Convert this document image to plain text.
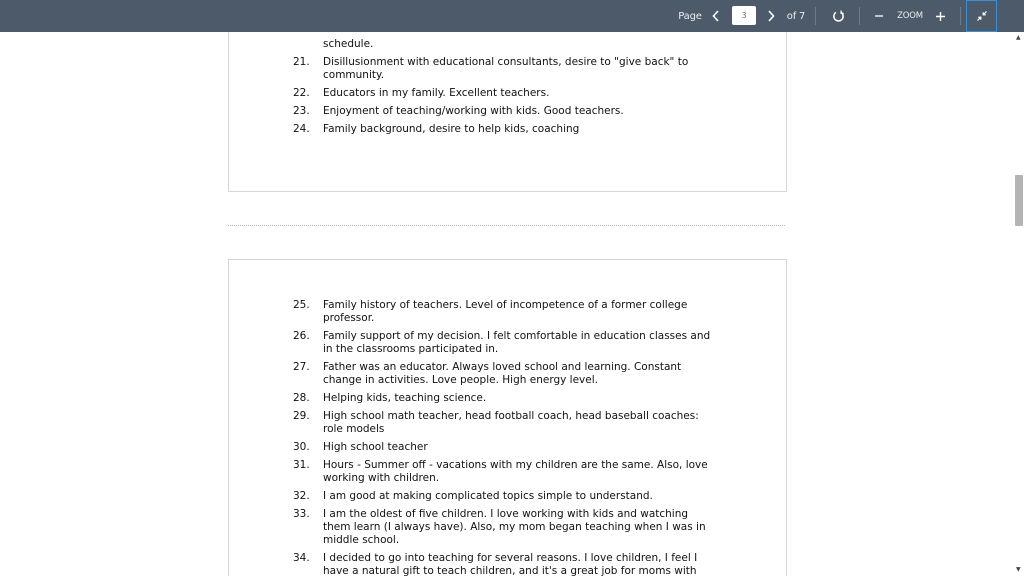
Page
3	of 7	ZOOM
schedule.
21.	Disillusionment with educational consultants, desire to "give back" to community.
22.	Educators in my family. Excellent teachers.
23.	Enjoyment of teaching/working with kids. Good teachers.
24.	Family background, desire to help kids, coaching
25.	Family history of teachers. Level of incompetence of a former college professor.
26.	Family support of my decision. I felt comfortable in education classes and in the classrooms participated in.
27.	Father was an educator. Always loved school and learning. Constant change in activities. Love people. High energy level.
28.	Helping kids, teaching science.
29.	High school math teacher, head football coach, head baseball coaches: role models
30.	High school teacher
31.	Hours - Summer off - vacations with my children are the same. Also, love working with children.
32.	I am good at making complicated topics simple to understand.
33.	I am the oldest of five children. I love working with kids and watching them learn (I always have). Also, my mom began teaching when I was in middle school.
34.	I decided to go into teaching for several reasons. I love children, I feel I have a natural gift to teach children, and it's a great job for moms with
▲
▼
